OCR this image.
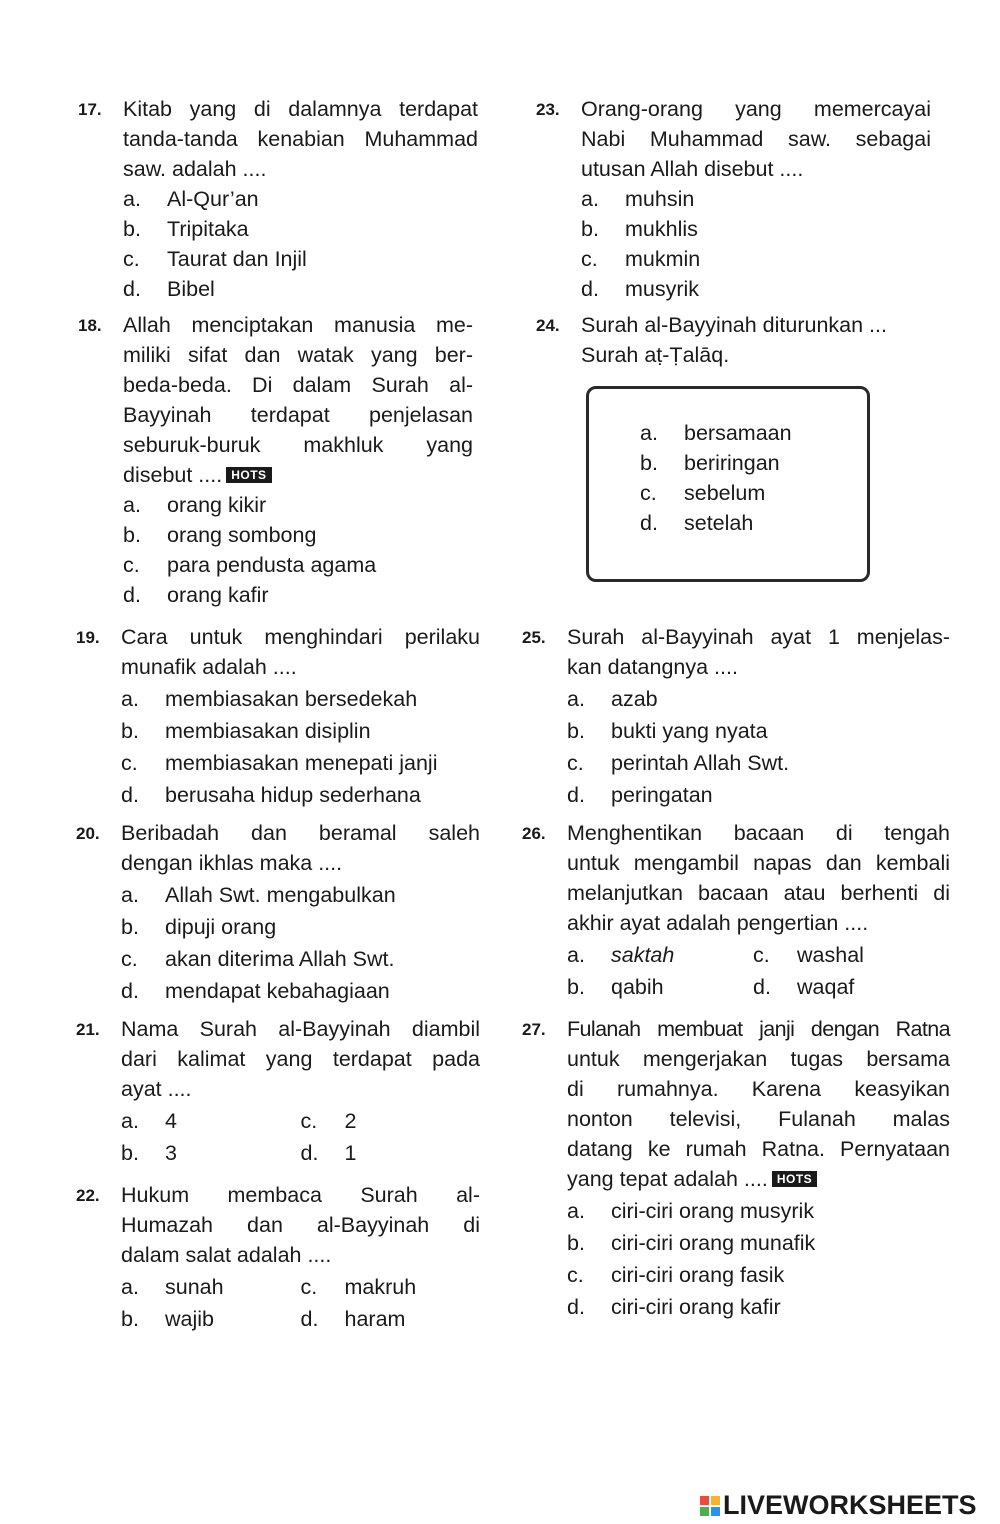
17. Kitab yang di dalamnya terdapat
tanda-tanda kenabian Muhammad
saw. adalah ....
a.	Al-Qur’an
b.	Tripitaka
c.	Taurat dan Injil
d.	Bibel
18. Allah menciptakan manusia me-
miliki sifat dan watak yang ber-
beda-beda. Di dalam Surah al-
Bayyinah terdapat penjelasan
seburuk-buruk makhluk yang
disebut .... HOTS
a.	orang kikir
b.	orang sombong
c.	para pendusta agama
d.	orang kafir
19. Cara untuk menghindari perilaku
munafik adalah ....
a.	membiasakan bersedekah
b.	membiasakan disiplin
c.	membiasakan menepati janji
d.	berusaha hidup sederhana
20. Beribadah dan beramal saleh
dengan ikhlas maka ....
a.	Allah Swt. mengabulkan
b.	dipuji orang
c.	akan diterima Allah Swt.
d.	mendapat kebahagiaan
21. Nama Surah al-Bayyinah diambil
dari kalimat yang terdapat pada
ayat ....
a.	4	c.	2
b.	3	d.	1
22. Hukum membaca Surah al-
Humazah dan al-Bayyinah di
dalam salat adalah ....
a.	sunah	c.	makruh
b.	wajib	d.	haram
23. Orang-orang yang memercayai
Nabi Muhammad saw. sebagai
utusan Allah disebut ....
a.	muhsin
b.	mukhlis
c.	mukmin
d.	musyrik
24. Surah al-Bayyinah diturunkan ...
Surah aṭ-Ṭalāq.
a.	bersamaan
b.	beriringan
c.	sebelum
d.	setelah
25. Surah al-Bayyinah ayat 1 menjelas-
kan datangnya ....
a.	azab
b.	bukti yang nyata
c.	perintah Allah Swt.
d.	peringatan
26. Menghentikan bacaan di tengah
untuk mengambil napas dan kembali
melanjutkan bacaan atau berhenti di
akhir ayat adalah pengertian ....
a.	saktah	c.	washal
b.	qabih	d.	waqaf
27. Fulanah membuat janji dengan Ratna
untuk mengerjakan tugas bersama
di rumahnya. Karena keasyikan
nonton televisi, Fulanah malas
datang ke rumah Ratna. Pernyataan
yang tepat adalah .... HOTS
a.	ciri-ciri orang musyrik
b.	ciri-ciri orang munafik
c.	ciri-ciri orang fasik
d.	ciri-ciri orang kafir
LIVEWORKSHEETS
